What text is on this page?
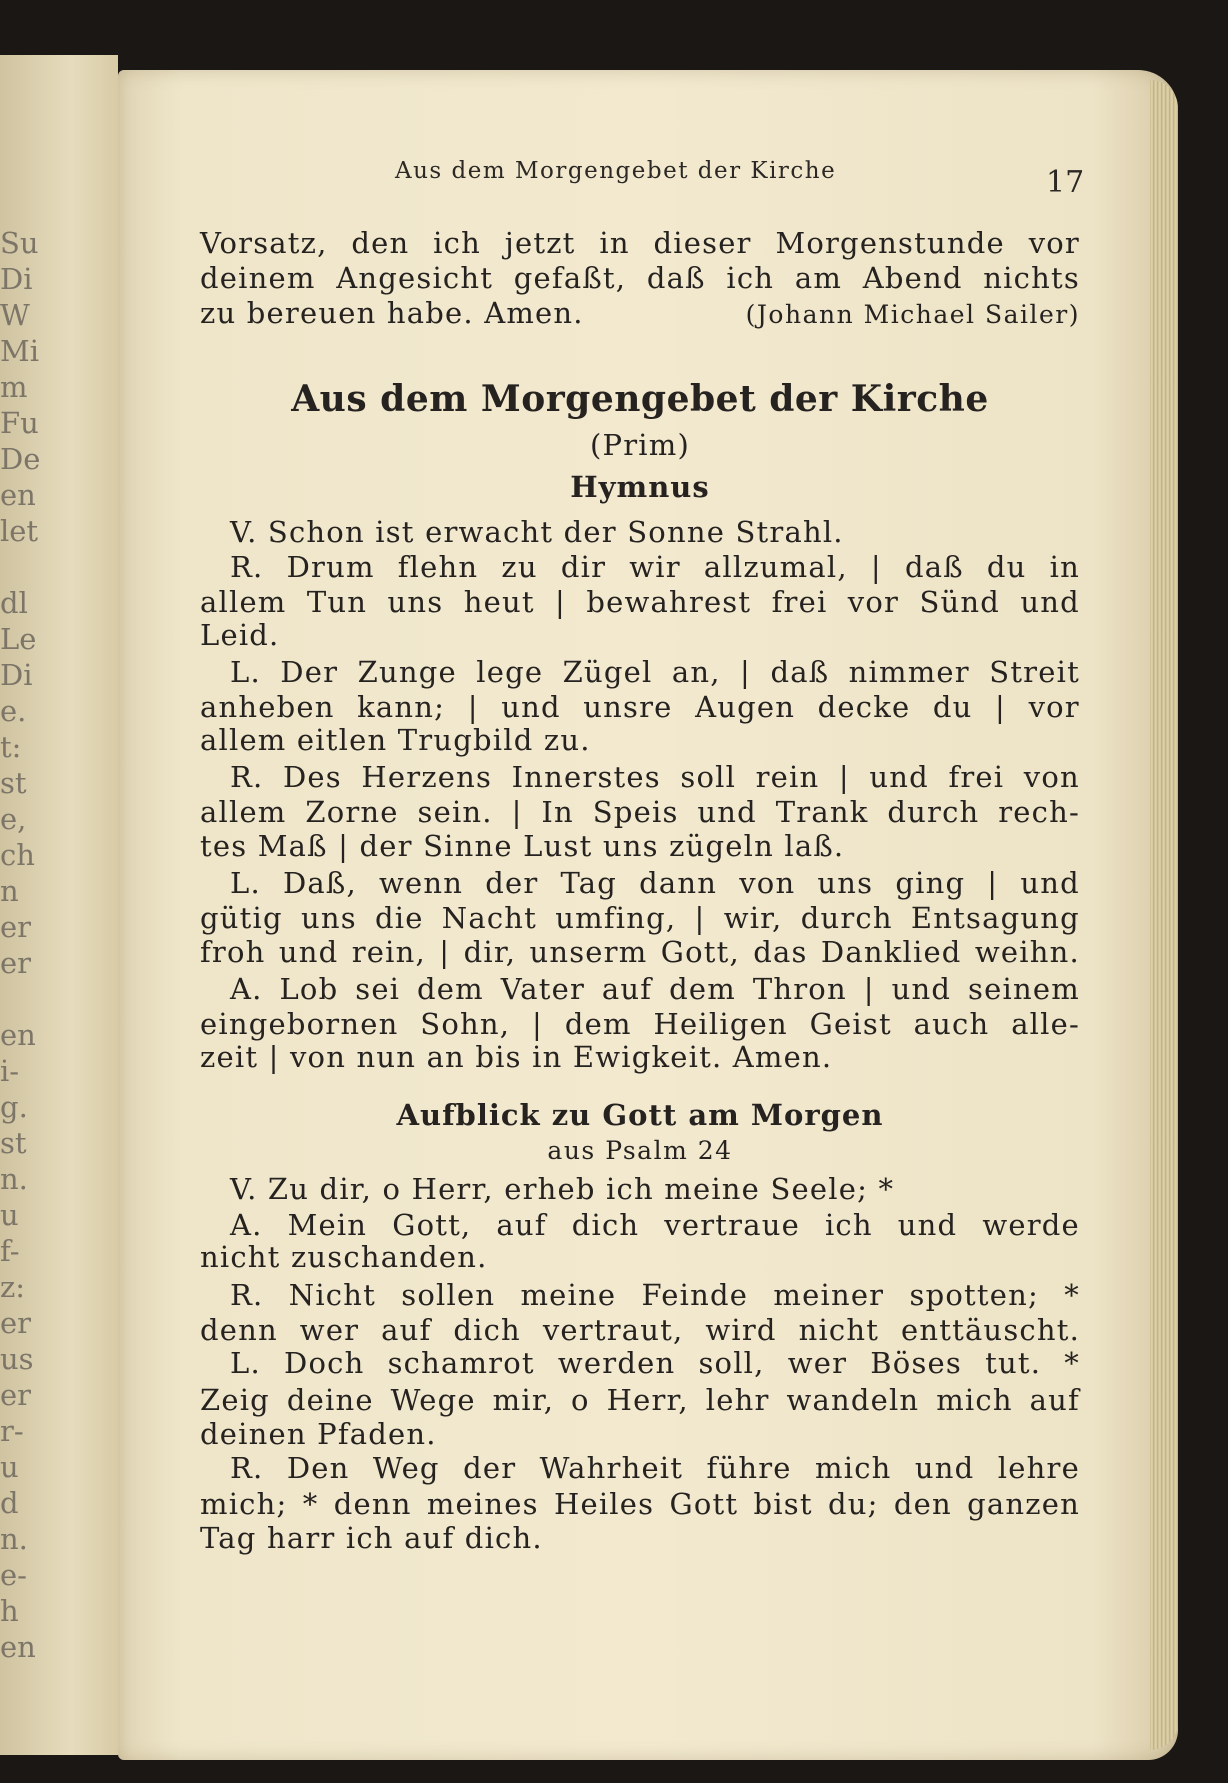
Su
Di
W
Mi
m
Fu
De
en
let
dl
Le
Di
e.
t:
st
e,
ch
n
er
er
en
i-
g.
st
n.
u
f-
z:
er
us
er
r-
u
d
n.
e-
h
en
Aus dem Morgengebet der Kirche	17
Vorsatz, den ich jetzt in dieser Morgenstunde vor
deinem Angesicht gefaßt, daß ich am Abend nichts
zu bereuen habe. Amen.	(Johann Michael Sailer)
Aus dem Morgengebet der Kirche
(Prim)
Hymnus
V. Schon ist erwacht der Sonne Strahl.
R. Drum flehn zu dir wir allzumal, | daß du in
allem Tun uns heut | bewahrest frei vor Sünd und
Leid.
L. Der Zunge lege Zügel an, | daß nimmer Streit
anheben kann; | und unsre Augen decke du | vor
allem eitlen Trugbild zu.
R. Des Herzens Innerstes soll rein | und frei von
allem Zorne sein. | In Speis und Trank durch rech-
tes Maß | der Sinne Lust uns zügeln laß.
L. Daß, wenn der Tag dann von uns ging | und
gütig uns die Nacht umfing, | wir, durch Entsagung
froh und rein, | dir, unserm Gott, das Danklied weihn.
A. Lob sei dem Vater auf dem Thron | und seinem
eingebornen Sohn, | dem Heiligen Geist auch alle-
zeit | von nun an bis in Ewigkeit. Amen.
Aufblick zu Gott am Morgen
aus Psalm 24
V. Zu dir, o Herr, erheb ich meine Seele; *
A. Mein Gott, auf dich vertraue ich und werde
nicht zuschanden.
R. Nicht sollen meine Feinde meiner spotten; *
denn wer auf dich vertraut, wird nicht enttäuscht.
L. Doch schamrot werden soll, wer Böses tut. *
Zeig deine Wege mir, o Herr, lehr wandeln mich auf
deinen Pfaden.
R. Den Weg der Wahrheit führe mich und lehre
mich; * denn meines Heiles Gott bist du; den ganzen
Tag harr ich auf dich.
